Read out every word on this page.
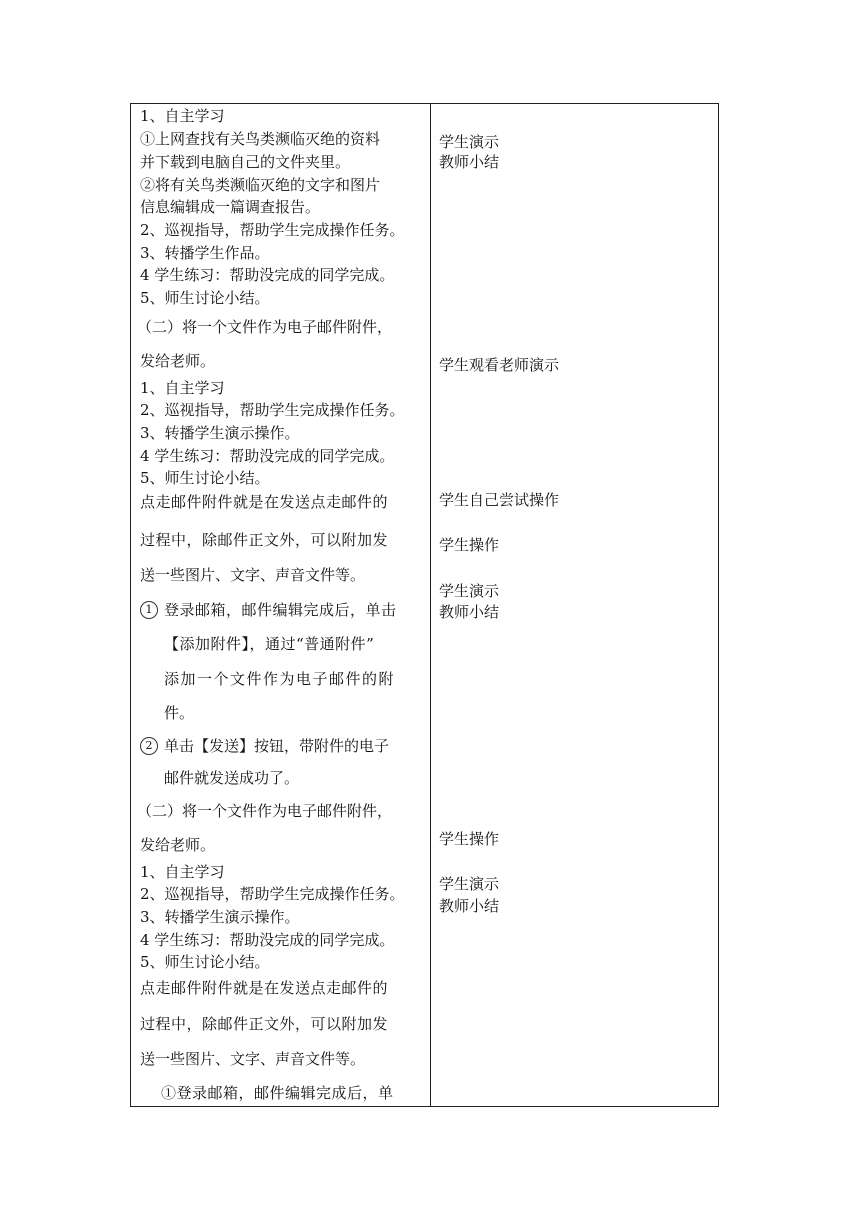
1、自主学习
①上网查找有关鸟类濒临灭绝的资料
并下载到电脑自己的文件夹里。
②将有关鸟类濒临灭绝的文字和图片
信息编辑成一篇调查报告。
2、巡视指导，帮助学生完成操作任务。
3、转播学生作品。
4 学生练习：帮助没完成的同学完成。
5、师生讨论小结。
（二）将一个文件作为电子邮件附件，
发给老师。
1、自主学习
2、巡视指导，帮助学生完成操作任务。
3、转播学生演示操作。
4 学生练习：帮助没完成的同学完成。
5、师生讨论小结。
点走邮件附件就是在发送点走邮件的
过程中，除邮件正文外，可以附加发
送一些图片、文字、声音文件等。
1 登录邮箱，邮件编辑完成后，单击
【添加附件】，通过“普通附件”
添加一个文件作为电子邮件的附
件。
2 单击【发送】按钮，带附件的电子
邮件就发送成功了。
（二）将一个文件作为电子邮件附件，
发给老师。
1、自主学习
2、巡视指导，帮助学生完成操作任务。
3、转播学生演示操作。
4 学生练习：帮助没完成的同学完成。
5、师生讨论小结。
点走邮件附件就是在发送点走邮件的
过程中，除邮件正文外，可以附加发
送一些图片、文字、声音文件等。
①登录邮箱，邮件编辑完成后，单
学生演示
教师小结
学生观看老师演示
学生自己尝试操作
学生操作
学生演示
教师小结
学生操作
学生演示
教师小结
